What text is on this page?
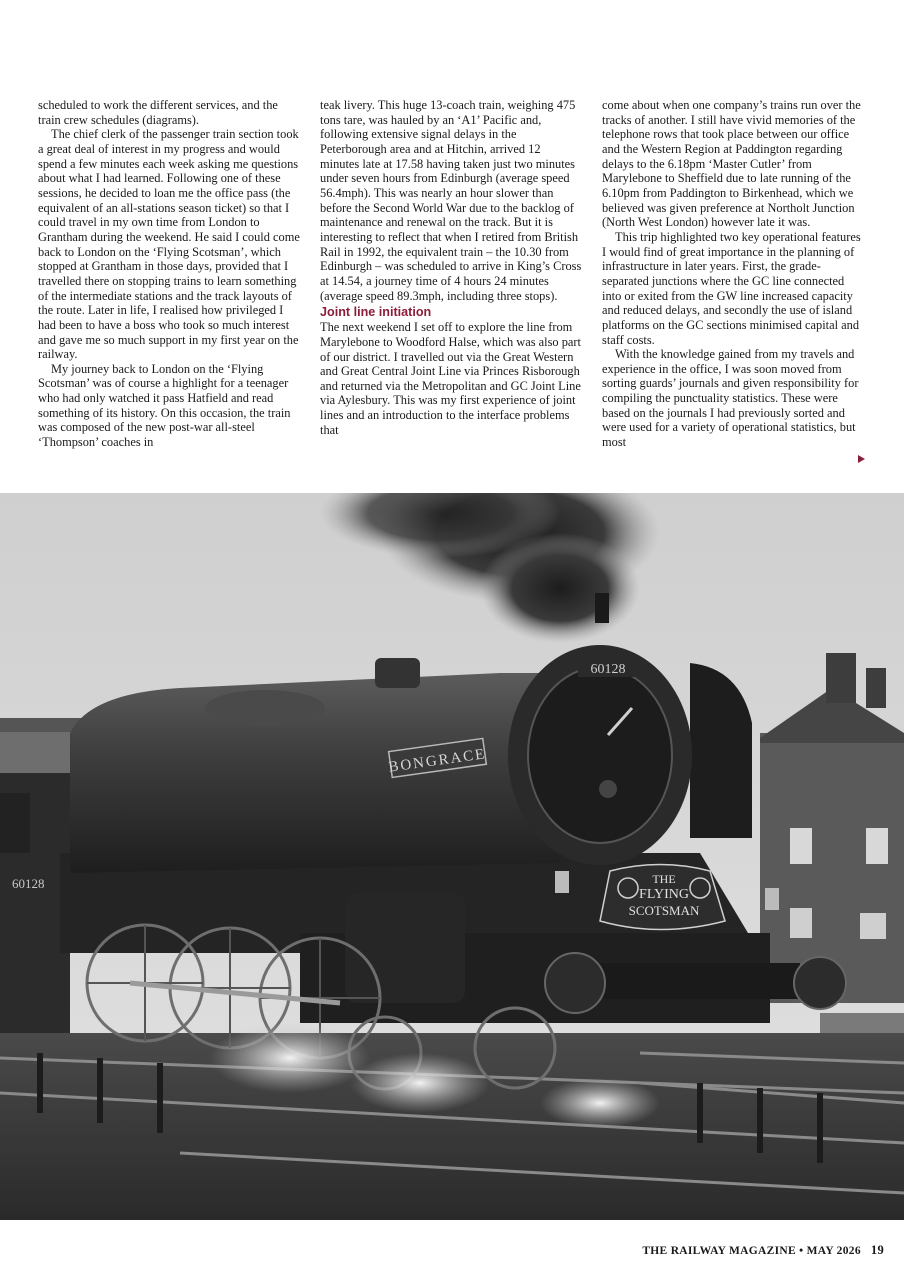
scheduled to work the different services, and the train crew schedules (diagrams).

The chief clerk of the passenger train section took a great deal of interest in my progress and would spend a few minutes each week asking me questions about what I had learned. Following one of these sessions, he decided to loan me the office pass (the equivalent of an all-stations season ticket) so that I could travel in my own time from London to Grantham during the weekend. He said I could come back to London on the ‘Flying Scotsman’, which stopped at Grantham in those days, provided that I travelled there on stopping trains to learn something of the intermediate stations and the track layouts of the route. Later in life, I realised how privileged I had been to have a boss who took so much interest and gave me so much support in my first year on the railway.

My journey back to London on the ‘Flying Scotsman’ was of course a highlight for a teenager who had only watched it pass Hatfield and read something of its history. On this occasion, the train was composed of the new post-war all-steel ‘Thompson’ coaches in

teak livery. This huge 13-coach train, weighing 475 tons tare, was hauled by an ‘A1’ Pacific and, following extensive signal delays in the Peterborough area and at Hitchin, arrived 12 minutes late at 17.58 having taken just two minutes under seven hours from Edinburgh (average speed 56.4mph). This was nearly an hour slower than before the Second World War due to the backlog of maintenance and renewal on the track. But it is interesting to reflect that when I retired from British Rail in 1992, the equivalent train – the 10.30 from Edinburgh – was scheduled to arrive in King’s Cross at 14.54, a journey time of 4 hours 24 minutes (average speed 89.3mph, including three stops).

Joint line initiation

The next weekend I set off to explore the line from Marylebone to Woodford Halse, which was also part of our district. I travelled out via the Great Western and Great Central Joint Line via Princes Risborough and returned via the Metropolitan and GC Joint Line via Aylesbury. This was my first experience of joint lines and an introduction to the interface problems that

come about when one company’s trains run over the tracks of another. I still have vivid memories of the telephone rows that took place between our office and the Western Region at Paddington regarding delays to the 6.18pm ‘Master Cutler’ from Marylebone to Sheffield due to late running of the 6.10pm from Paddington to Birkenhead, which we believed was given preference at Northolt Junction (North West London) however late it was.

This trip highlighted two key operational features I would find of great importance in the planning of infrastructure in later years. First, the grade-separated junctions where the GC line connected into or exited from the GW line increased capacity and reduced delays, and secondly the use of island platforms on the GC sections minimised capital and staff costs.

With the knowledge gained from my travels and experience in the office, I was soon moved from sorting guards’ journals and given responsibility for compiling the punctuality statistics. These were based on the journals I had previously sorted and were used for a variety of operational statistics, but most

60128
BONGRACE
60128
THE
FLYING
SCOTSMAN
THE RAILWAY MAGAZINE • MAY 2026 19
